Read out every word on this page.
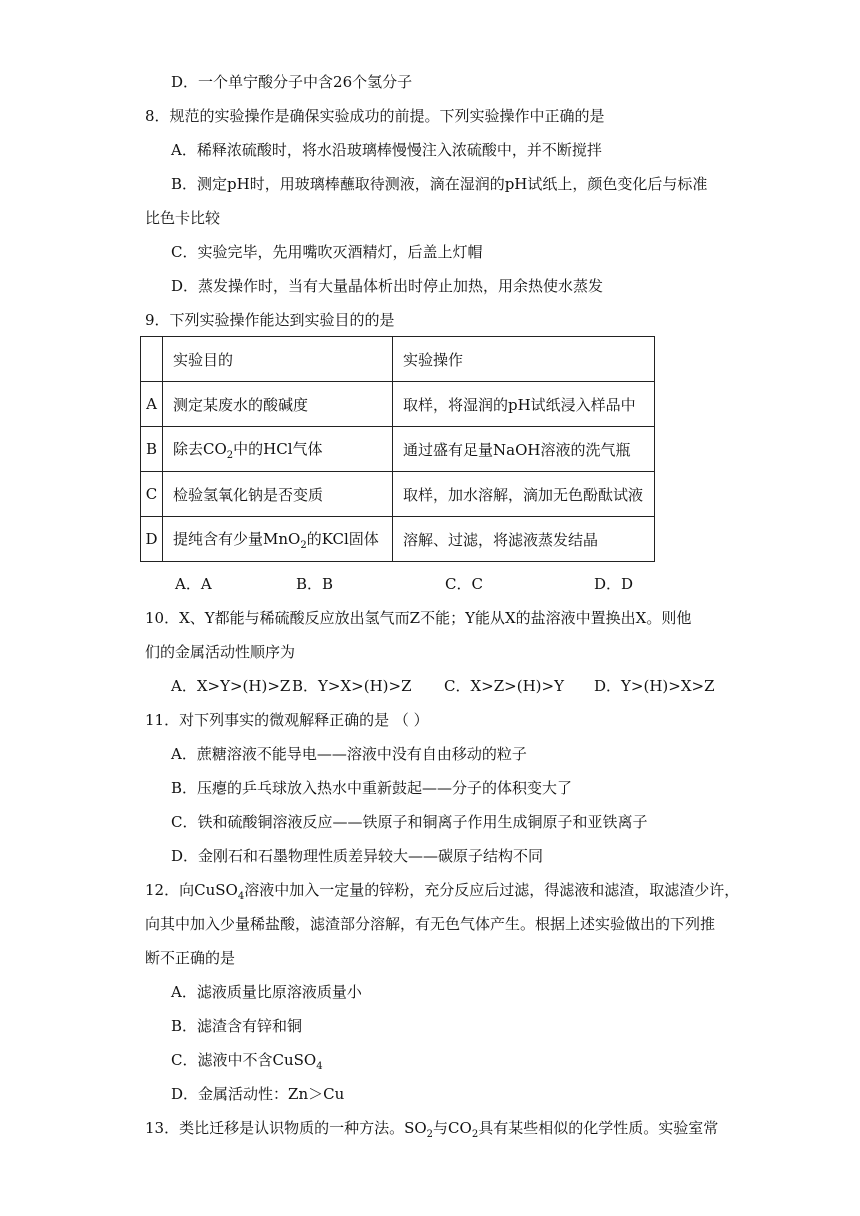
D．一个单宁酸分子中含26个氢分子
8．规范的实验操作是确保实验成功的前提。下列实验操作中正确的是
A．稀释浓硫酸时，将水沿玻璃棒慢慢注入浓硫酸中，并不断搅拌
B．测定pH时，用玻璃棒蘸取待测液，滴在湿润的pH试纸上，颜色变化后与标准
比色卡比较
C．实验完毕，先用嘴吹灭酒精灯，后盖上灯帽
D．蒸发操作时，当有大量晶体析出时停止加热，用余热使水蒸发
9．下列实验操作能达到实验目的的是
	实验目的	实验操作
A	测定某废水的酸碱度	取样，将湿润的pH试纸浸入样品中
B	除去$CO_2$中的HCl气体	通过盛有足量NaOH溶液的洗气瓶
C	检验氢氧化钠是否变质	取样，加水溶解，滴加无色酚酞试液
D	提纯含有少量MnO$_2$的KCl固体	溶解、过滤，将滤液蒸发结晶
A．A	B．B	C．C	D．D
10．X、Y都能与稀硫酸反应放出氢气而Z不能；Y能从X的盐溶液中置换出X。则他
们的金属活动性顺序为
A．X>Y>(H)>Z B．Y>X>(H)>Z C．X>Z>(H)>Y D．Y>(H)>X>Z
11．对下列事实的微观解释正确的是 （ ）
A．蔗糖溶液不能导电——溶液中没有自由移动的粒子
B．压瘪的乒乓球放入热水中重新鼓起——分子的体积变大了
C．铁和硫酸铜溶液反应——铁原子和铜离子作用生成铜原子和亚铁离子
D．金刚石和石墨物理性质差异较大——碳原子结构不同
12．向CuSO$_4$溶液中加入一定量的锌粉，充分反应后过滤，得滤液和滤渣，取滤渣少许，
向其中加入少量稀盐酸，滤渣部分溶解，有无色气体产生。根据上述实验做出的下列推
断不正确的是
A．滤液质量比原溶液质量小
B．滤渣含有锌和铜
C．滤液中不含CuSO$_4$
D．金属活动性：Zn＞Cu
13．类比迁移是认识物质的一种方法。$SO_2$与$CO_2$具有某些相似的化学性质。实验室常
